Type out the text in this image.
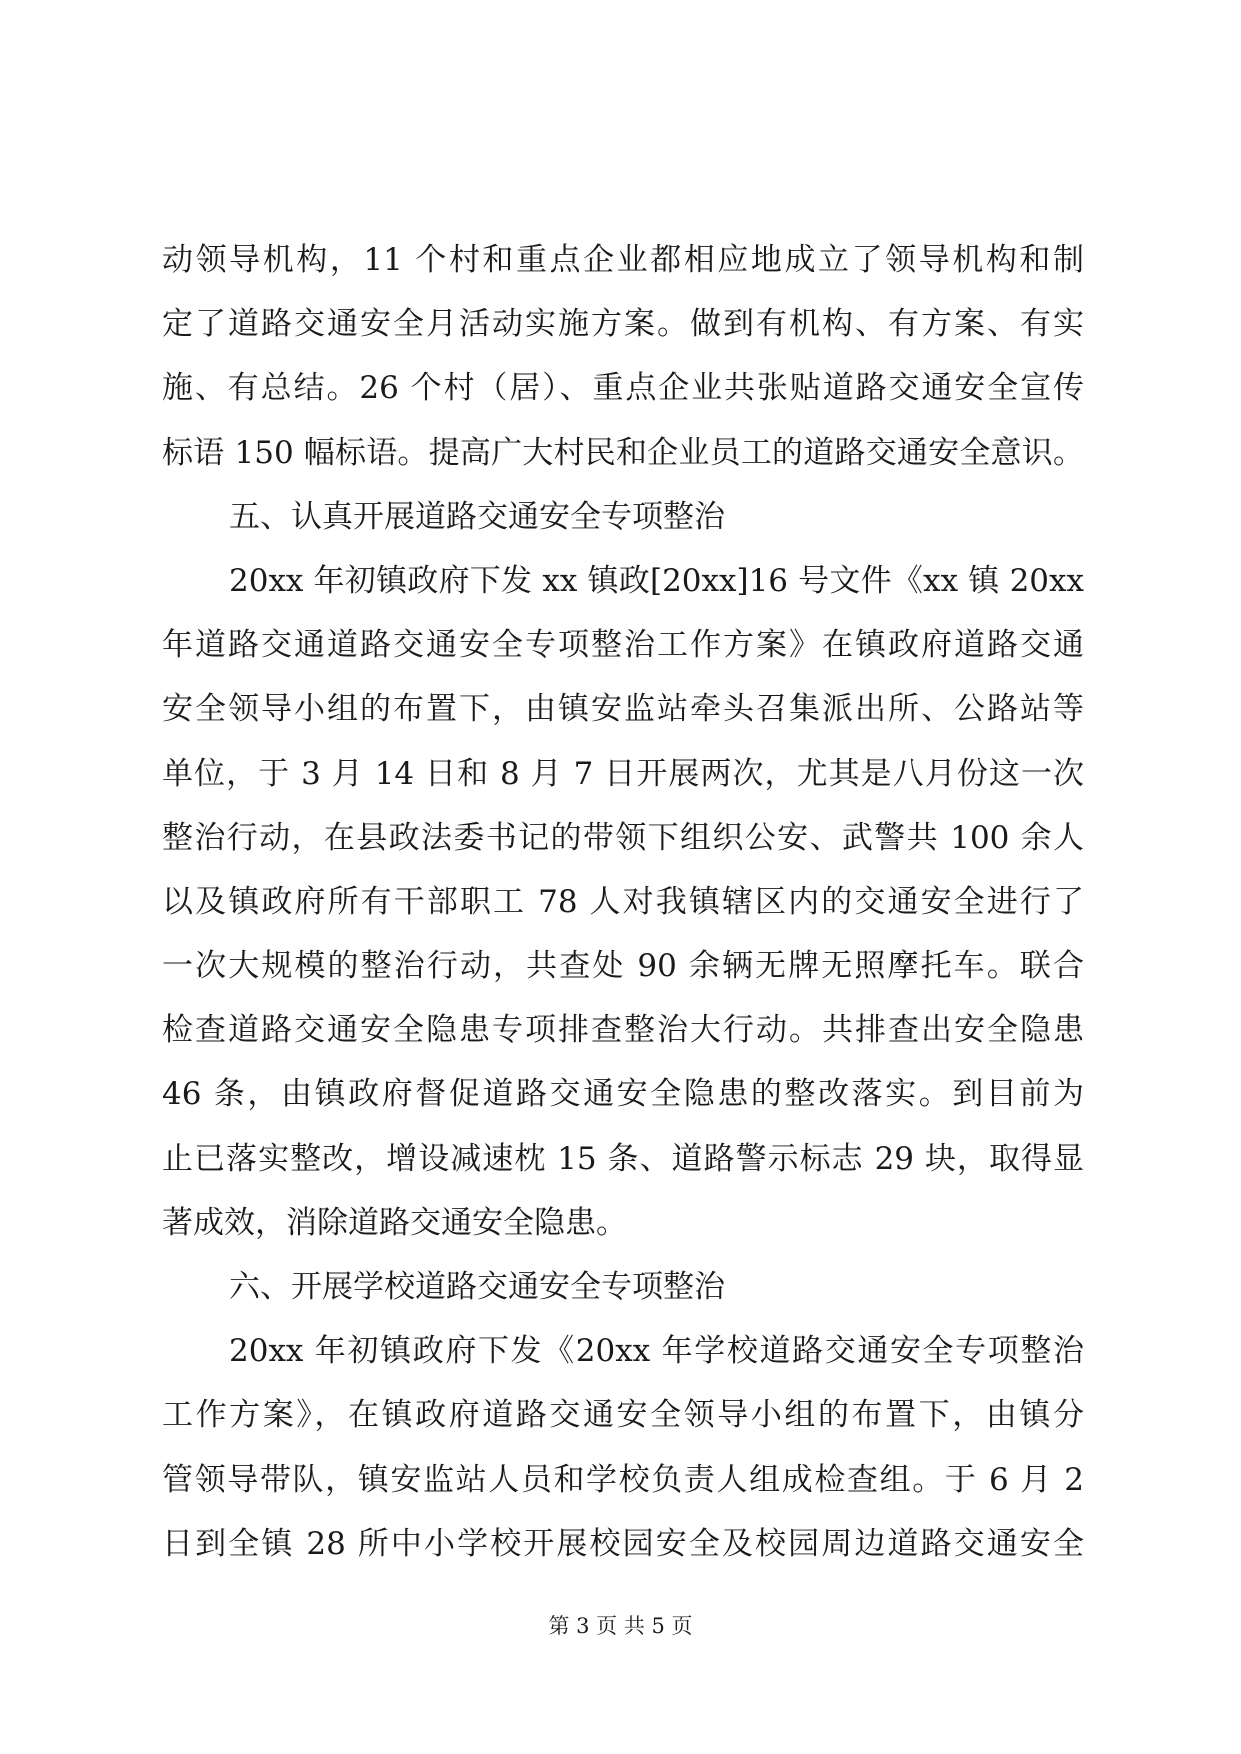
动领导机构，11 个村和重点企业都相应地成立了领导机构和制
定了道路交通安全月活动实施方案。做到有机构、有方案、有实
施、有总结。26 个村（居）、重点企业共张贴道路交通安全宣传
标语 150 幅标语。提高广大村民和企业员工的道路交通安全意识。
五、认真开展道路交通安全专项整治
20xx 年初镇政府下发 xx 镇政[20xx]16 号文件《xx 镇 20xx
年道路交通道路交通安全专项整治工作方案》在镇政府道路交通
安全领导小组的布置下，由镇安监站牵头召集派出所、公路站等
单位，于 3 月 14 日和 8 月 7 日开展两次，尤其是八月份这一次
整治行动，在县政法委书记的带领下组织公安、武警共 100 余人
以及镇政府所有干部职工 78 人对我镇辖区内的交通安全进行了
一次大规模的整治行动，共查处 90 余辆无牌无照摩托车。联合
检查道路交通安全隐患专项排查整治大行动。共排查出安全隐患
46 条，由镇政府督促道路交通安全隐患的整改落实。到目前为
止已落实整改，增设减速枕 15 条、道路警示标志 29 块，取得显
著成效，消除道路交通安全隐患。
六、开展学校道路交通安全专项整治
20xx 年初镇政府下发《20xx 年学校道路交通安全专项整治
工作方案》，在镇政府道路交通安全领导小组的布置下，由镇分
管领导带队，镇安监站人员和学校负责人组成检查组。于 6 月 2
日到全镇 28 所中小学校开展校园安全及校园周边道路交通安全
第 3 页 共 5 页
